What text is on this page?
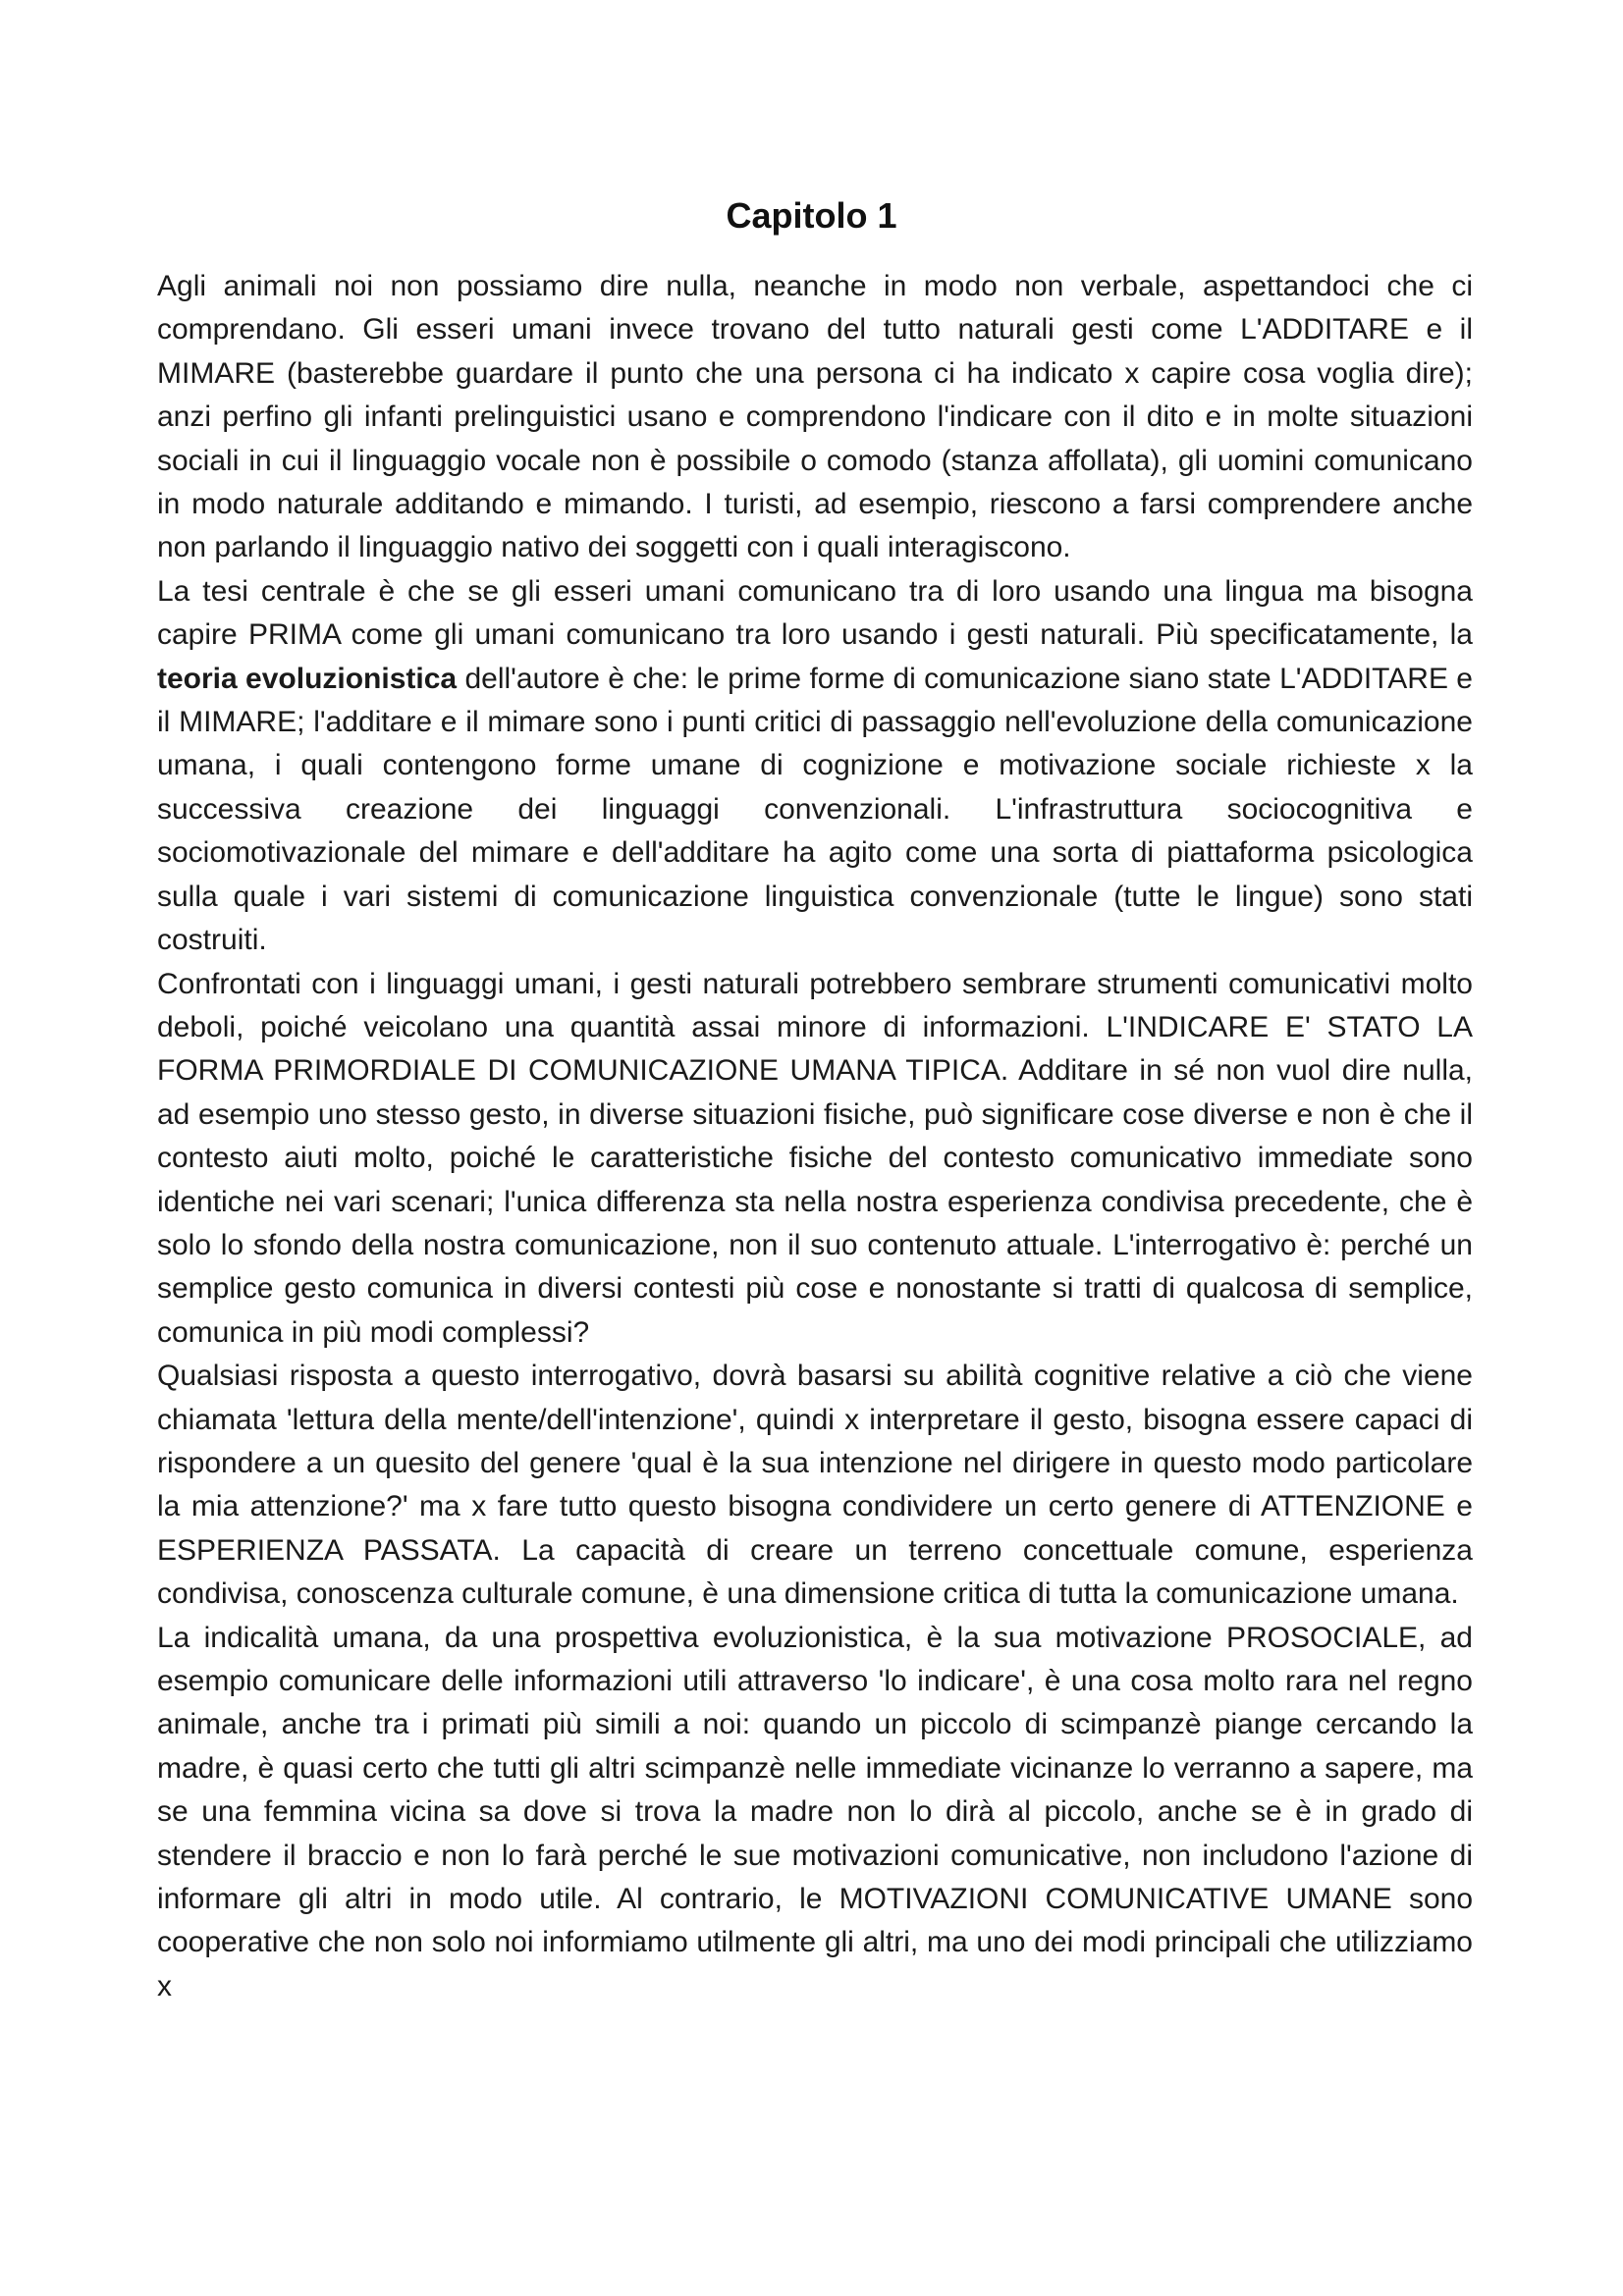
Capitolo 1

Agli animali noi non possiamo dire nulla, neanche in modo non verbale, aspettandoci che ci comprendano. Gli esseri umani invece trovano del tutto naturali gesti come L'ADDITARE e il MIMARE (basterebbe guardare il punto che una persona ci ha indicato x capire cosa voglia dire); anzi perfino gli infanti prelinguistici usano e comprendono l'indicare con il dito e in molte situazioni sociali in cui il linguaggio vocale non è possibile o comodo (stanza affollata), gli uomini comunicano in modo naturale additando e mimando. I turisti, ad esempio, riescono a farsi comprendere anche non parlando il linguaggio nativo dei soggetti con i quali interagiscono.

La tesi centrale è che se gli esseri umani comunicano tra di loro usando una lingua ma bisogna capire PRIMA come gli umani comunicano tra loro usando i gesti naturali. Più specificatamente, la teoria evoluzionistica dell'autore è che: le prime forme di comunicazione siano state L'ADDITARE e il MIMARE; l'additare e il mimare sono i punti critici di passaggio nell'evoluzione della comunicazione umana, i quali contengono forme umane di cognizione e motivazione sociale richieste x la successiva creazione dei linguaggi convenzionali. L'infrastruttura sociocognitiva e sociomotivazionale del mimare e dell'additare ha agito come una sorta di piattaforma psicologica sulla quale i vari sistemi di comunicazione linguistica convenzionale (tutte le lingue) sono stati costruiti.

Confrontati con i linguaggi umani, i gesti naturali potrebbero sembrare strumenti comunicativi molto deboli, poiché veicolano una quantità assai minore di informazioni. L'INDICARE E' STATO LA FORMA PRIMORDIALE DI COMUNICAZIONE UMANA TIPICA. Additare in sé non vuol dire nulla, ad esempio uno stesso gesto, in diverse situazioni fisiche, può significare cose diverse e non è che il contesto aiuti molto, poiché le caratteristiche fisiche del contesto comunicativo immediate sono identiche nei vari scenari; l'unica differenza sta nella nostra esperienza condivisa precedente, che è solo lo sfondo della nostra comunicazione, non il suo contenuto attuale. L'interrogativo è: perché un semplice gesto comunica in diversi contesti più cose e nonostante si tratti di qualcosa di semplice, comunica in più modi complessi?

Qualsiasi risposta a questo interrogativo, dovrà basarsi su abilità cognitive relative a ciò che viene chiamata 'lettura della mente/dell'intenzione', quindi x interpretare il gesto, bisogna essere capaci di rispondere a un quesito del genere 'qual è la sua intenzione nel dirigere in questo modo particolare la mia attenzione?' ma x fare tutto questo bisogna condividere un certo genere di ATTENZIONE e ESPERIENZA PASSATA. La capacità di creare un terreno concettuale comune, esperienza condivisa, conoscenza culturale comune, è una dimensione critica di tutta la comunicazione umana.

La indicalità umana, da una prospettiva evoluzionistica, è la sua motivazione PROSOCIALE, ad esempio comunicare delle informazioni utili attraverso 'lo indicare', è una cosa molto rara nel regno animale, anche tra i primati più simili a noi: quando un piccolo di scimpanzè piange cercando la madre, è quasi certo che tutti gli altri scimpanzè nelle immediate vicinanze lo verranno a sapere, ma se una femmina vicina sa dove si trova la madre non lo dirà al piccolo, anche se è in grado di stendere il braccio e non lo farà perché le sue motivazioni comunicative, non includono l'azione di informare gli altri in modo utile. Al contrario, le MOTIVAZIONI COMUNICATIVE UMANE sono cooperative che non solo noi informiamo utilmente gli altri, ma uno dei modi principali che utilizziamo x
